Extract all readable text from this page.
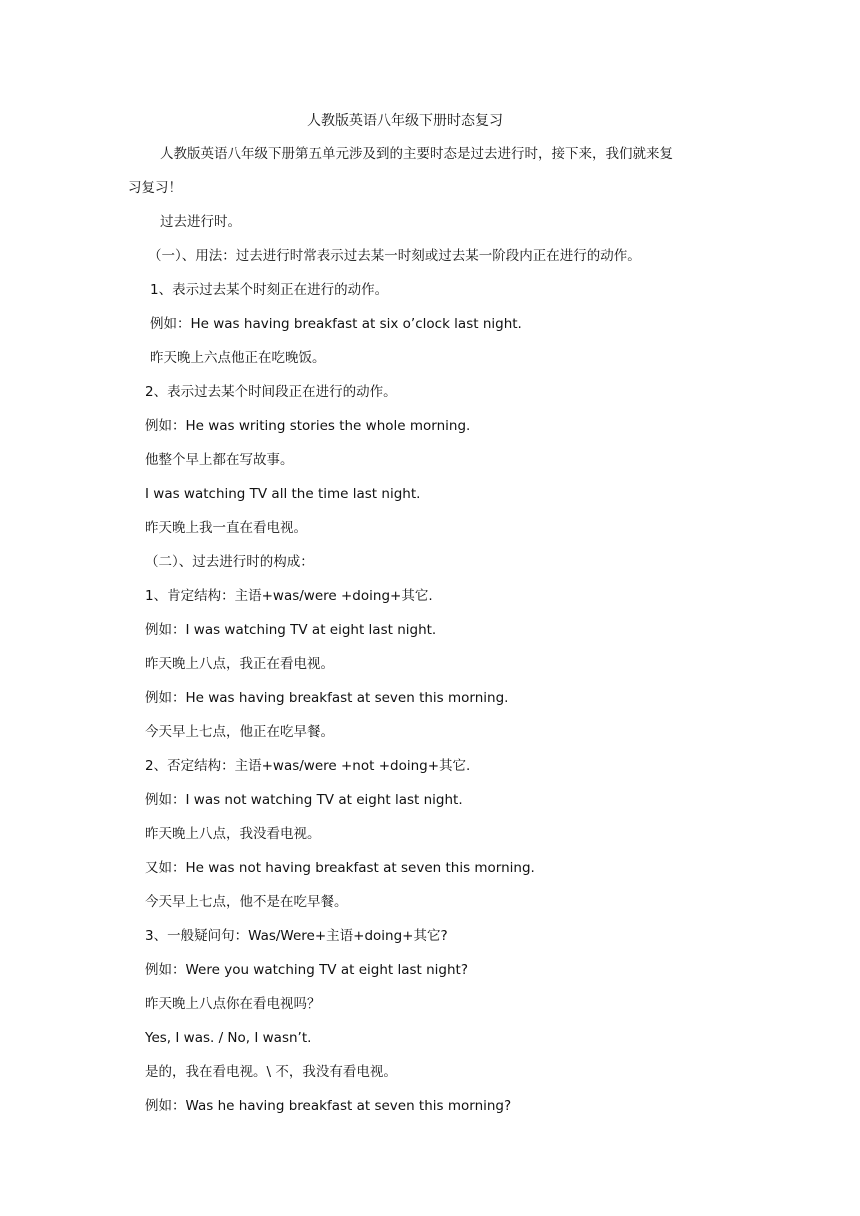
人教版英语八年级下册时态复习
人教版英语八年级下册第五单元涉及到的主要时态是过去进行时，接下来，我们就来复
习复习！
过去进行时。
（一）、用法：过去进行时常表示过去某一时刻或过去某一阶段内正在进行的动作。
1、表示过去某个时刻正在进行的动作。
例如：He was having breakfast at six o’clock last night.
昨天晚上六点他正在吃晚饭。
2、表示过去某个时间段正在进行的动作。
例如：He was writing stories the whole morning.
他整个早上都在写故事。
I was watching TV all the time last night.
昨天晚上我一直在看电视。
（二）、过去进行时的构成：
1、肯定结构：主语+was/were +doing+其它.
例如：I was watching TV at eight last night.
昨天晚上八点，我正在看电视。
例如：He was having breakfast at seven this morning.
今天早上七点，他正在吃早餐。
2、否定结构：主语+was/were +not +doing+其它.
例如：I was not watching TV at eight last night.
昨天晚上八点，我没看电视。
又如：He was not having breakfast at seven this morning.
今天早上七点，他不是在吃早餐。
3、一般疑问句：Was/Were+主语+doing+其它?
例如：Were you watching TV at eight last night?
昨天晚上八点你在看电视吗？
Yes, I was. / No, I wasn’t.
是的，我在看电视。\ 不，我没有看电视。
例如：Was he having breakfast at seven this morning?
